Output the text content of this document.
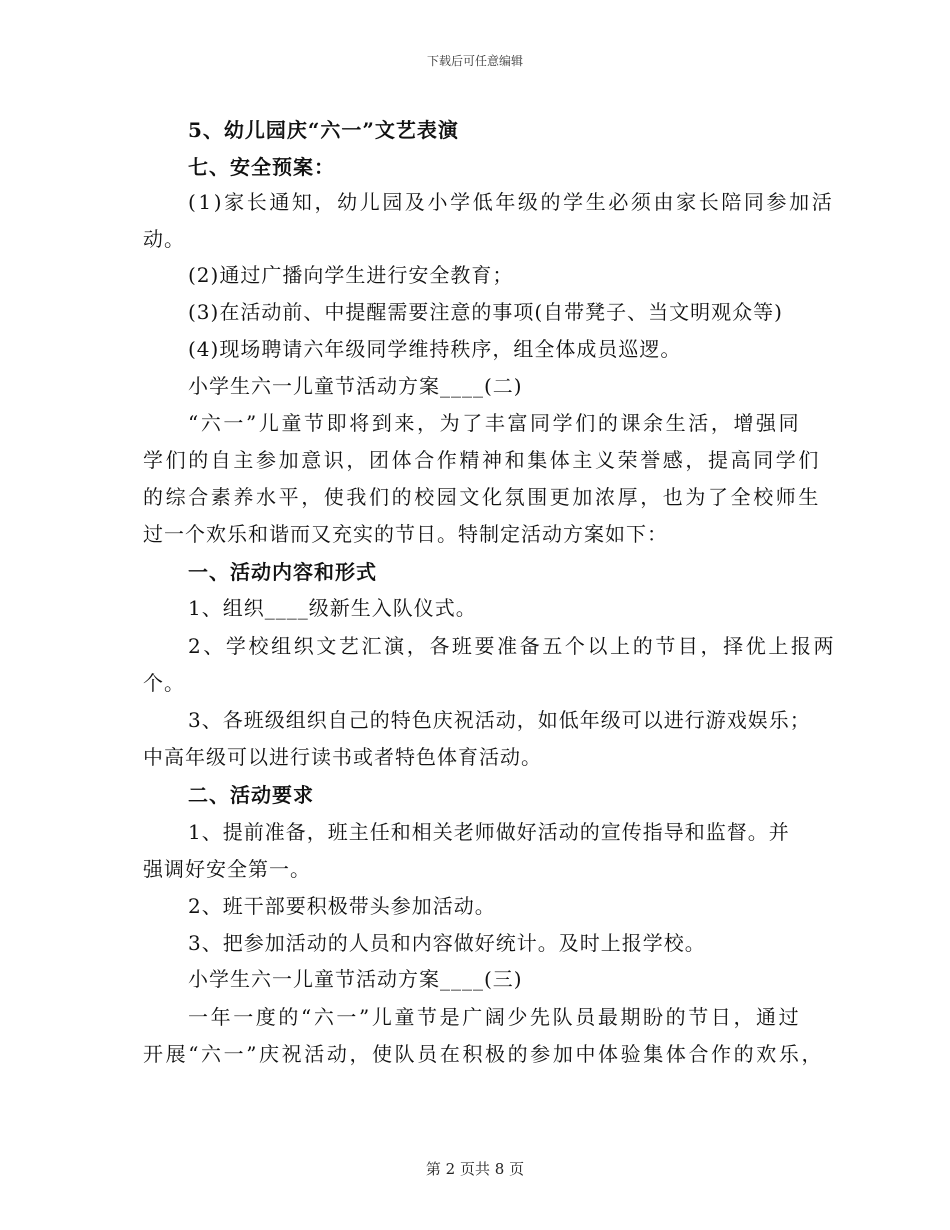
下载后可任意编辑
5、幼儿园庆“六一”文艺表演
七、安全预案：
(1)家长通知，幼儿园及小学低年级的学生必须由家长陪同参加活
动。
(2)通过广播向学生进行安全教育；
(3)在活动前、中提醒需要注意的事项(自带凳子、当文明观众等)
(4)现场聘请六年级同学维持秩序，组全体成员巡逻。
小学生六一儿童节活动方案____(二)
“六一”儿童节即将到来，为了丰富同学们的课余生活，增强同
学们的自主参加意识，团体合作精神和集体主义荣誉感，提高同学们
的综合素养水平，使我们的校园文化氛围更加浓厚，也为了全校师生
过一个欢乐和谐而又充实的节日。特制定活动方案如下：
一、活动内容和形式
1、组织____级新生入队仪式。
2、学校组织文艺汇演，各班要准备五个以上的节目，择优上报两
个。
3、各班级组织自己的特色庆祝活动，如低年级可以进行游戏娱乐；
中高年级可以进行读书或者特色体育活动。
二、活动要求
1、提前准备，班主任和相关老师做好活动的宣传指导和监督。并
强调好安全第一。
2、班干部要积极带头参加活动。
3、把参加活动的人员和内容做好统计。及时上报学校。
小学生六一儿童节活动方案____(三)
一年一度的“六一”儿童节是广阔少先队员最期盼的节日，通过
开展“六一”庆祝活动，使队员在积极的参加中体验集体合作的欢乐，
第 2 页共 8 页
